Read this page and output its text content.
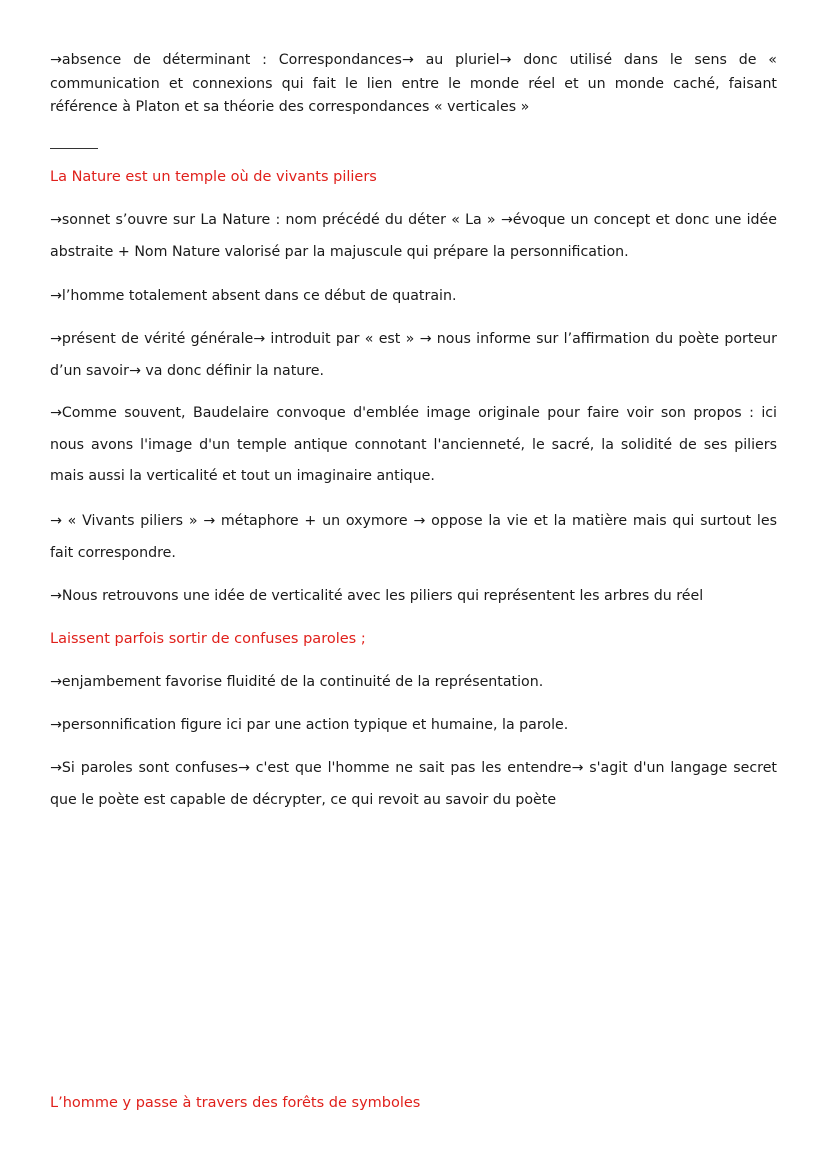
→absence de déterminant : Correspondances→ au pluriel→ donc utilisé dans le sens de « communication et connexions qui fait le lien entre le monde réel et un monde caché, faisant référence à Platon et sa théorie des correspondances « verticales »

La Nature est un temple où de vivants piliers

→sonnet s’ouvre sur La Nature : nom précédé du déter « La » →évoque un concept et donc une idée abstraite + Nom Nature valorisé par la majuscule qui prépare la personnification.

→l’homme totalement absent dans ce début de quatrain.

→présent de vérité générale→ introduit par « est » → nous informe sur l’affirmation du poète porteur d’un savoir→ va donc définir la nature.

→Comme souvent, Baudelaire convoque d'emblée image originale pour faire voir son propos : ici nous avons l'image d'un temple antique connotant l'ancienneté, le sacré, la solidité de ses piliers mais aussi la verticalité et tout un imaginaire antique.

→ « Vivants piliers » → métaphore + un oxymore → oppose la vie et la matière mais qui surtout les fait correspondre.

→Nous retrouvons une idée de verticalité avec les piliers qui représentent les arbres du réel

Laissent parfois sortir de confuses paroles ;

→enjambement favorise fluidité de la continuité de la représentation.

→personnification figure ici par une action typique et humaine, la parole.

→Si paroles sont confuses→ c'est que l'homme ne sait pas les entendre→ s'agit d'un langage secret que le poète est capable de décrypter, ce qui revoit au savoir du poète

L’homme y passe à travers des forêts de symboles
